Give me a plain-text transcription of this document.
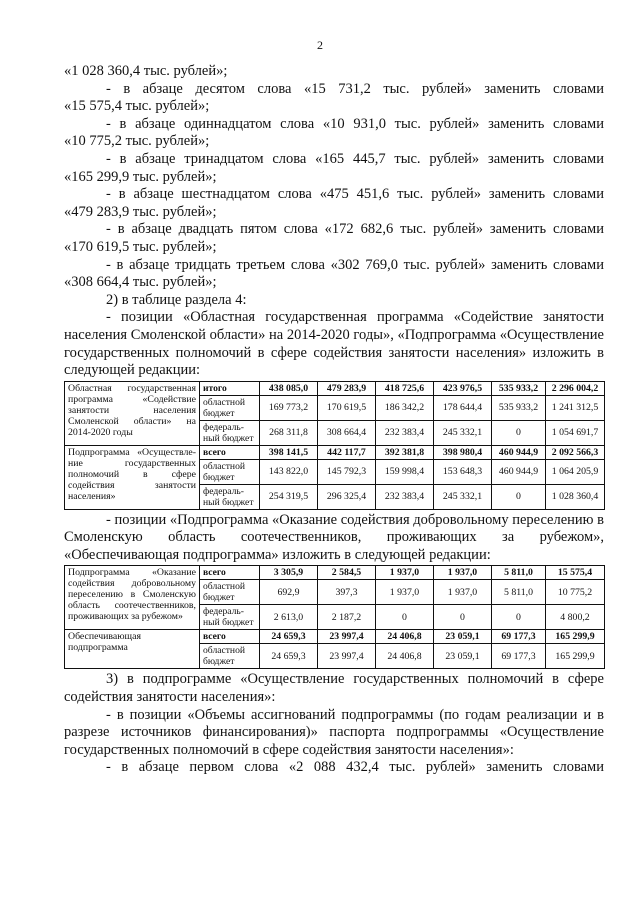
2

«1 028 360,4 тыс. рублей»;

- в абзаце десятом слова «15 731,2 тыс. рублей» заменить словами

«15 575,4 тыс. рублей»;

- в абзаце одиннадцатом слова «10 931,0 тыс. рублей» заменить словами

«10 775,2 тыс. рублей»;

- в абзаце тринадцатом слова «165 445,7 тыс. рублей» заменить словами

«165 299,9 тыс. рублей»;

- в абзаце шестнадцатом слова «475 451,6 тыс. рублей» заменить словами

«479 283,9 тыс. рублей»;

- в абзаце двадцать пятом слова «172 682,6 тыс. рублей» заменить словами

«170 619,5 тыс. рублей»;

- в абзаце тридцать третьем слова «302 769,0 тыс. рублей» заменить словами

«308 664,4 тыс. рублей»;

2) в таблице раздела 4:

- позиции «Областная государственная программа «Содействие занятости населения Смоленской области» на 2014-2020 годы», «Подпрограмма «Осуществление государственных полномочий в сфере содействия занятости населения» изложить в следующей редакции:

Областная государственная программа «Содействие занятости населения Смоленской области» на 2014-2020 годы	итого	438 085,0	479 283,9	418 725,6	423 976,5	535 933,2	2 296 004,2
	областной бюджет	169 773,2	170 619,5	186 342,2	178 644,4	535 933,2	1 241 312,5
	федераль-ный бюджет	268 311,8	308 664,4	232 383,4	245 332,1	0	1 054 691,7
Подпрограмма «Осуществле-ние государственных полномочий в сфере содействия занятости населения»	всего	398 141,5	442 117,7	392 381,8	398 980,4	460 944,9	2 092 566,3
	областной бюджет	143 822,0	145 792,3	159 998,4	153 648,3	460 944,9	1 064 205,9
	федераль-ный бюджет	254 319,5	296 325,4	232 383,4	245 332,1	0	1 028 360,4

- позиции «Подпрограмма «Оказание содействия добровольному переселению в Смоленскую область соотечественников, проживающих за рубежом», «Обеспечивающая подпрограмма» изложить в следующей редакции:

Подпрограмма «Оказание содействия добровольному переселению в Смоленскую область соотечественников, проживающих за рубежом»	всего	3 305,9	2 584,5	1 937,0	1 937,0	5 811,0	15 575,4
	областной бюджет	692,9	397,3	1 937,0	1 937,0	5 811,0	10 775,2
	федераль-ный бюджет	2 613,0	2 187,2	0	0	0	4 800,2
Обеспечивающая подпрограмма	всего	24 659,3	23 997,4	24 406,8	23 059,1	69 177,3	165 299,9
	областной бюджет	24 659,3	23 997,4	24 406,8	23 059,1	69 177,3	165 299,9

3) в подпрограмме «Осуществление государственных полномочий в сфере содействия занятости населения»:

- в позиции «Объемы ассигнований подпрограммы (по годам реализации и в разрезе источников финансирования)» паспорта подпрограммы «Осуществление государственных полномочий в сфере содействия занятости населения»:

- в абзаце первом слова «2 088 432,4 тыс. рублей» заменить словами
